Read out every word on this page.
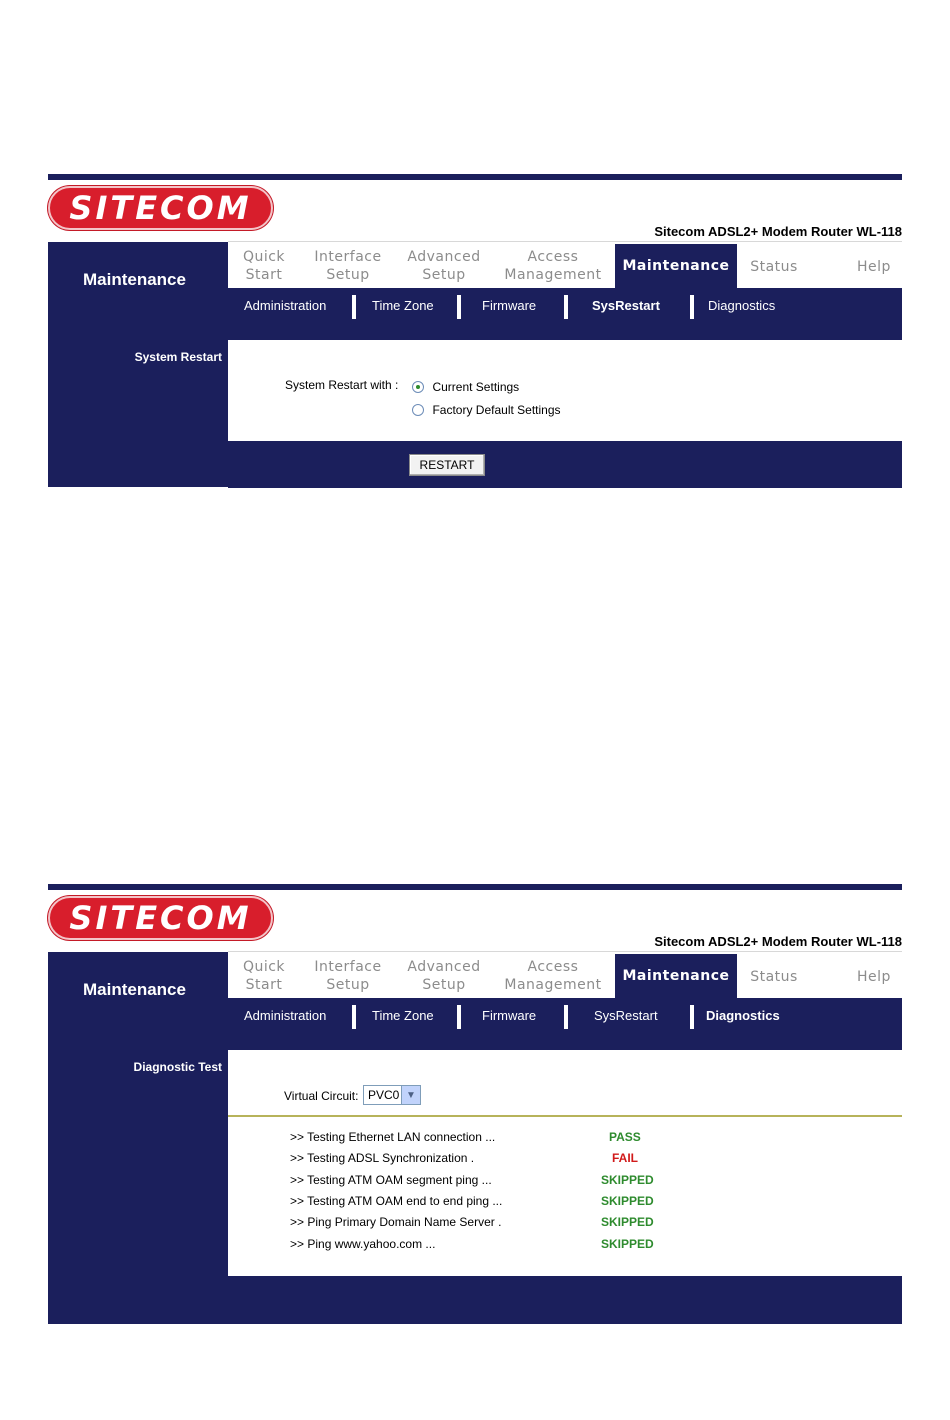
SITECOM
Sitecom ADSL2+ Modem Router WL-118
Maintenance
System Restart
Quick
Start
Interface
Setup
Advanced
Setup
Access
Management
Maintenance	Status	Help
Administration	Time Zone	Firmware	SysRestart	Diagnostics
System Restart with :	Current Settings
Factory Default Settings
RESTART
SITECOM
Sitecom ADSL2+ Modem Router WL-118
Maintenance
Diagnostic Test
Quick
Start
Interface
Setup
Advanced
Setup
Access
Management
Maintenance	Status	Help
Administration	Time Zone	Firmware	SysRestart	Diagnostics
Virtual Circuit: PVC0 ▼
>> Testing Ethernet LAN connection ...	PASS
>> Testing ADSL Synchronization .	FAIL
>> Testing ATM OAM segment ping ...	SKIPPED
>> Testing ATM OAM end to end ping ...	SKIPPED
>> Ping Primary Domain Name Server .	SKIPPED
>> Ping www.yahoo.com ...	SKIPPED
